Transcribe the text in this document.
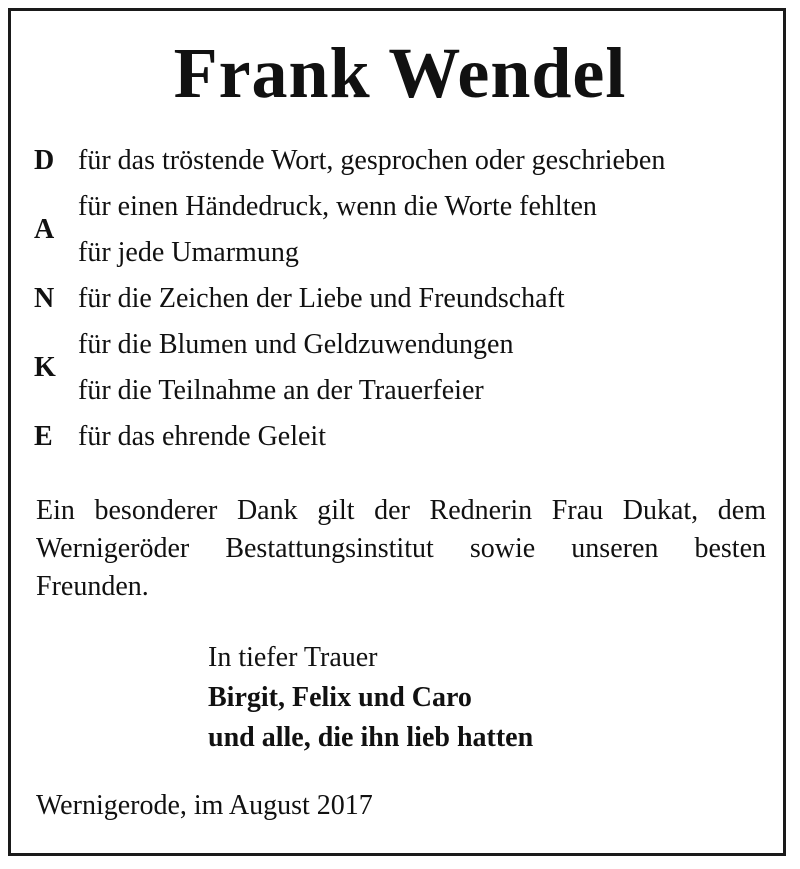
Frank Wendel
D
A
N
K
E
für das tröstende Wort, gesprochen oder geschrieben
für einen Händedruck, wenn die Worte fehlten
für jede Umarmung
für die Zeichen der Liebe und Freundschaft
für die Blumen und Geldzuwendungen
für die Teilnahme an der Trauerfeier
für das ehrende Geleit
Ein besonderer Dank gilt der Rednerin Frau Dukat, dem Wernigeröder Bestattungsinstitut sowie unseren besten Freunden.
In tiefer Trauer
Birgit, Felix und Caro
und alle, die ihn lieb hatten
Wernigerode, im August 2017
